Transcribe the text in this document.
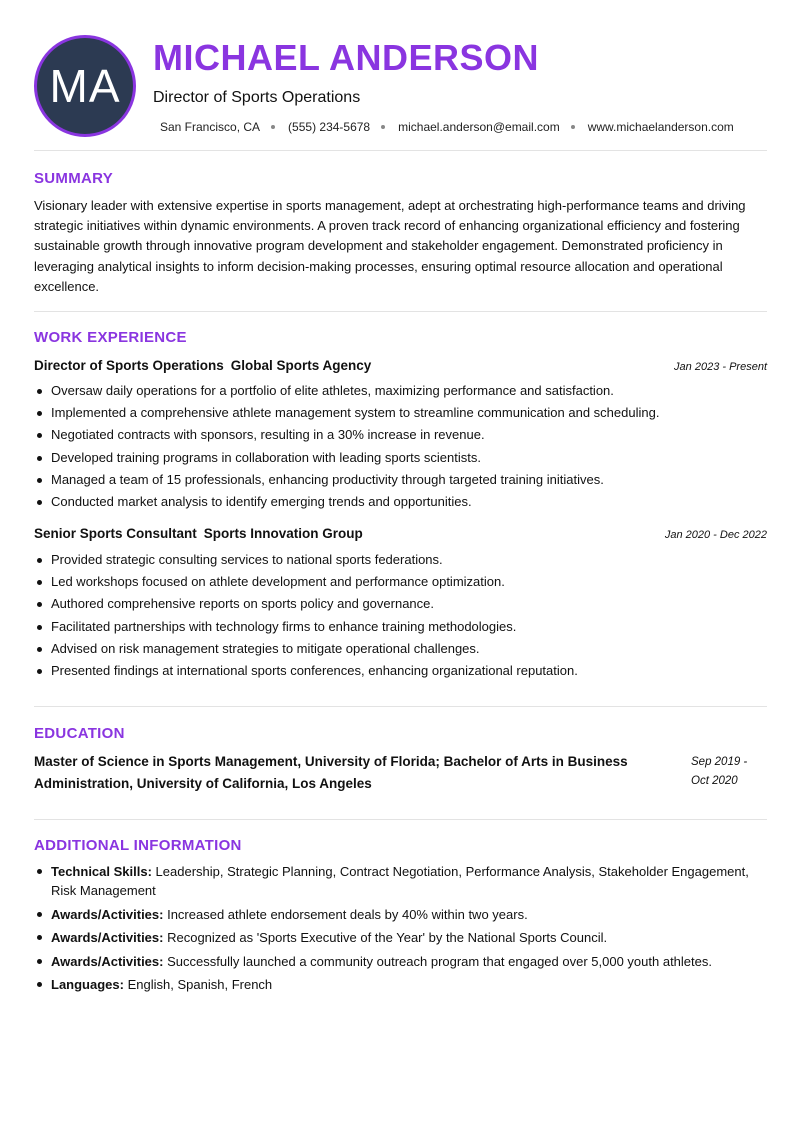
MA
MICHAEL ANDERSON
Director of Sports Operations
San Francisco, CA (555) 234-5678 michael.anderson@email.com www.michaelanderson.com
SUMMARY
Visionary leader with extensive expertise in sports management, adept at orchestrating high-performance teams and driving strategic initiatives within dynamic environments. A proven track record of enhancing organizational efficiency and fostering sustainable growth through innovative program development and stakeholder engagement. Demonstrated proficiency in leveraging analytical insights to inform decision-making processes, ensuring optimal resource allocation and operational excellence.
WORK EXPERIENCE
Director of Sports Operations Global Sports Agency	Jan 2023 - Present
Oversaw daily operations for a portfolio of elite athletes, maximizing performance and satisfaction.
Implemented a comprehensive athlete management system to streamline communication and scheduling.
Negotiated contracts with sponsors, resulting in a 30% increase in revenue.
Developed training programs in collaboration with leading sports scientists.
Managed a team of 15 professionals, enhancing productivity through targeted training initiatives.
Conducted market analysis to identify emerging trends and opportunities.
Senior Sports Consultant Sports Innovation Group	Jan 2020 - Dec 2022
Provided strategic consulting services to national sports federations.
Led workshops focused on athlete development and performance optimization.
Authored comprehensive reports on sports policy and governance.
Facilitated partnerships with technology firms to enhance training methodologies.
Advised on risk management strategies to mitigate operational challenges.
Presented findings at international sports conferences, enhancing organizational reputation.
EDUCATION
Master of Science in Sports Management, University of Florida; Bachelor of Arts in Business Administration, University of California, Los Angeles
Sep 2019 - Oct 2020
ADDITIONAL INFORMATION
Technical Skills: Leadership, Strategic Planning, Contract Negotiation, Performance Analysis, Stakeholder Engagement, Risk Management
Awards/Activities: Increased athlete endorsement deals by 40% within two years.
Awards/Activities: Recognized as 'Sports Executive of the Year' by the National Sports Council.
Awards/Activities: Successfully launched a community outreach program that engaged over 5,000 youth athletes.
Languages: English , Spanish , French
